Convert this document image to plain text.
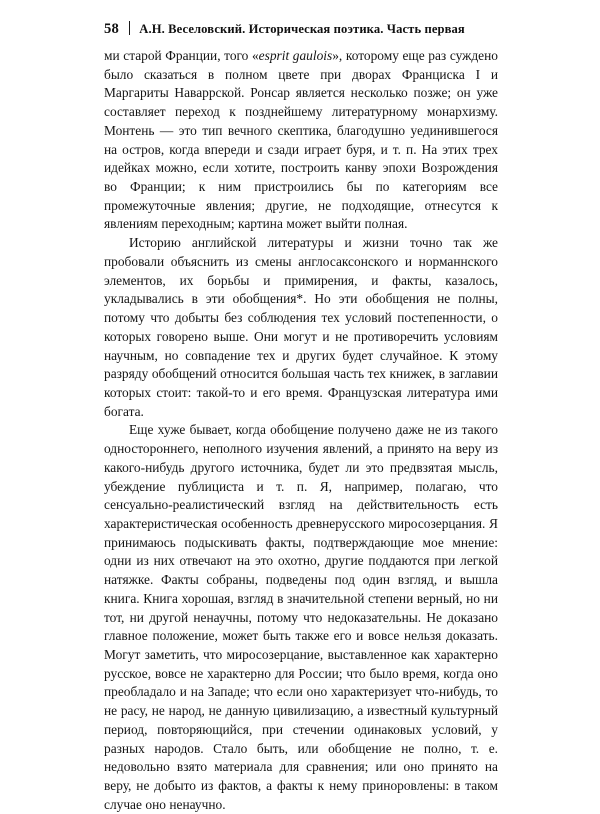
58 А.Н. Веселовский. Историческая поэтика. Часть первая

ми старой Франции, того «esprit gaulois», которому еще раз суждено было сказаться в полном цвете при дворах Франциска I и Маргариты Наваррской. Ронсар является несколько позже; он уже составляет переход к позднейшему литературному монархизму. Монтень — это тип вечного скептика, благодушно уединившегося на остров, когда впереди и сзади играет буря, и т. п. На этих трех идейках можно, если хотите, построить канву эпохи Возрождения во Франции; к ним пристроились бы по категориям все промежуточные явления; другие, не подходящие, отнесутся к явлениям переходным; картина может выйти полная.

Историю английской литературы и жизни точно так же пробовали объяснить из смены англосаксонского и норманнского элементов, их борьбы и примирения, и факты, казалось, укладывались в эти обобщения*. Но эти обобщения не полны, потому что добыты без соблюдения тех условий постепенности, о которых говорено выше. Они могут и не противоречить условиям научным, но совпадение тех и других будет случайное. К этому разряду обобщений относится большая часть тех книжек, в заглавии которых стоит: такой-то и его время. Французская литература ими богата.

Еще хуже бывает, когда обобщение получено даже не из такого одностороннего, неполного изучения явлений, а принято на веру из какого-нибудь другого источника, будет ли это предвзятая мысль, убеждение публициста и т. п. Я, например, полагаю, что сенсуально-реалистический взгляд на действительность есть характеристическая особенность древнерусского миросозерцания. Я принимаюсь подыскивать факты, подтверждающие мое мнение: одни из них отвечают на это охотно, другие поддаются при легкой натяжке. Факты собраны, подведены под один взгляд, и вышла книга. Книга хорошая, взгляд в значительной степени верный, но ни тот, ни другой ненаучны, потому что недоказательны. Не доказано главное положение, может быть также его и вовсе нельзя доказать. Могут заметить, что миросозерцание, выставленное как характерно русское, вовсе не характерно для России; что было время, когда оно преобладало и на Западе; что если оно характеризует что-нибудь, то не расу, не народ, не данную цивилизацию, а известный культурный период, повторяющийся, при стечении одинаковых условий, у разных народов. Стало быть, или обобщение не полно, т. е. недовольно взято материала для сравнения; или оно принято на веру, не добыто из фактов, а факты к нему приноровлены: в таком случае оно ненаучно.
